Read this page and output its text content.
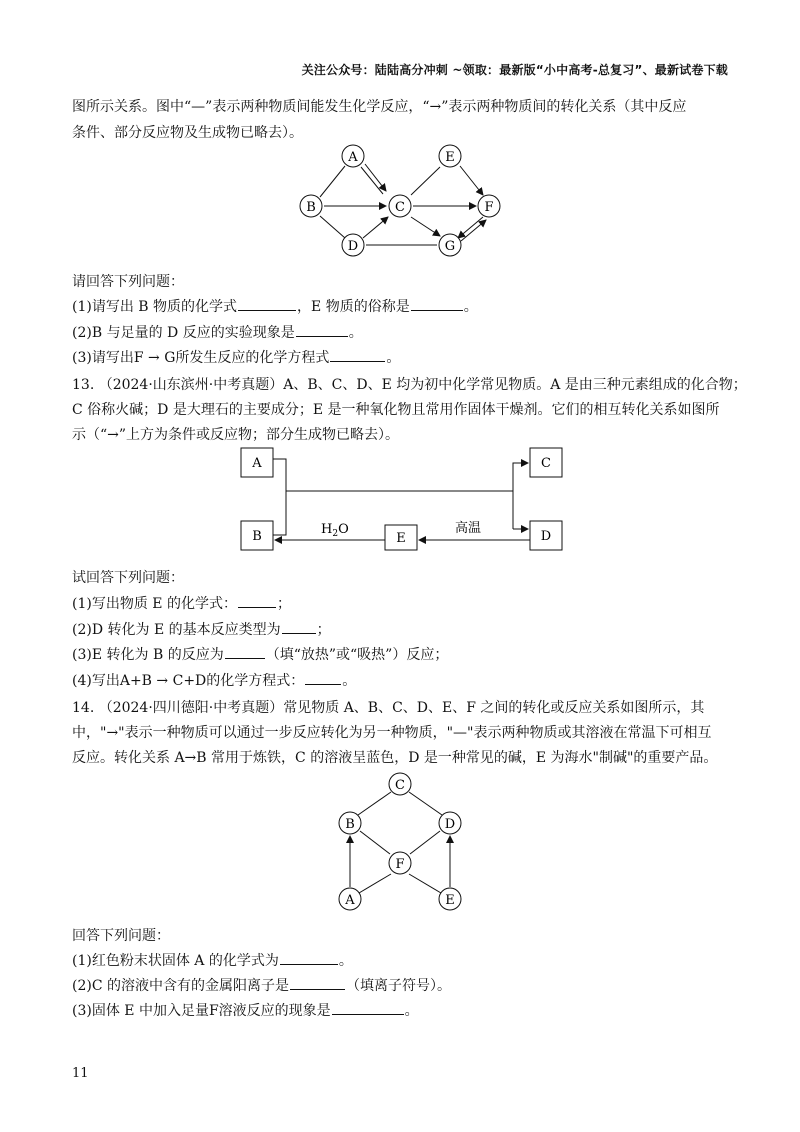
关注公众号：陆陆高分冲刺 ~领取：最新版“小中高考-总复习”、最新试卷下载
图所示关系。图中“—”表示两种物质间能发生化学反应，“→”表示两种物质间的转化关系（其中反应
条件、部分反应物及生成物已略去）。
A
B	C
D
E
F
G
请回答下列问题：
(1)请写出 B 物质的化学式	，E 物质的俗称是	。
(2)B 与足量的 D 反应的实验现象是	。
(3)请写出F → G所发生反应的化学方程式	。
13. （2024·山东滨州·中考真题）A、B、C、D、E 均为初中化学常见物质。A 是由三种元素组成的化合物；
C 俗称火碱；D 是大理石的主要成分；E 是一种氧化物且常用作固体干燥剂。它们的相互转化关系如图所
示（“→”上方为条件或反应物；部分生成物已略去）。
A
B
C
D
E
$H_2O$	高温
试回答下列问题：
(1)写出物质 E 的化学式：	；
(2)D 转化为 E 的基本反应类型为	；
(3)E 转化为 B 的反应为	（填“放热”或“吸热”）反应；
(4)写出A+B → C+D的化学方程式：	。
14. （2024·四川德阳·中考真题）常见物质 A、B、C、D、E、F 之间的转化或反应关系如图所示，其
中，"→"表示一种物质可以通过一步反应转化为另一种物质，"—"表示两种物质或其溶液在常温下可相互
反应。转化关系 A→B 常用于炼铁，C 的溶液呈蓝色，D 是一种常见的碱，E 为海水"制碱"的重要产品。
A
B
C
D
E
F
回答下列问题：
(1)红色粉末状固体 A 的化学式为	。
(2)C 的溶液中含有的金属阳离子是	（填离子符号）。
(3)固体 E 中加入足量F溶液反应的现象是	。
11
